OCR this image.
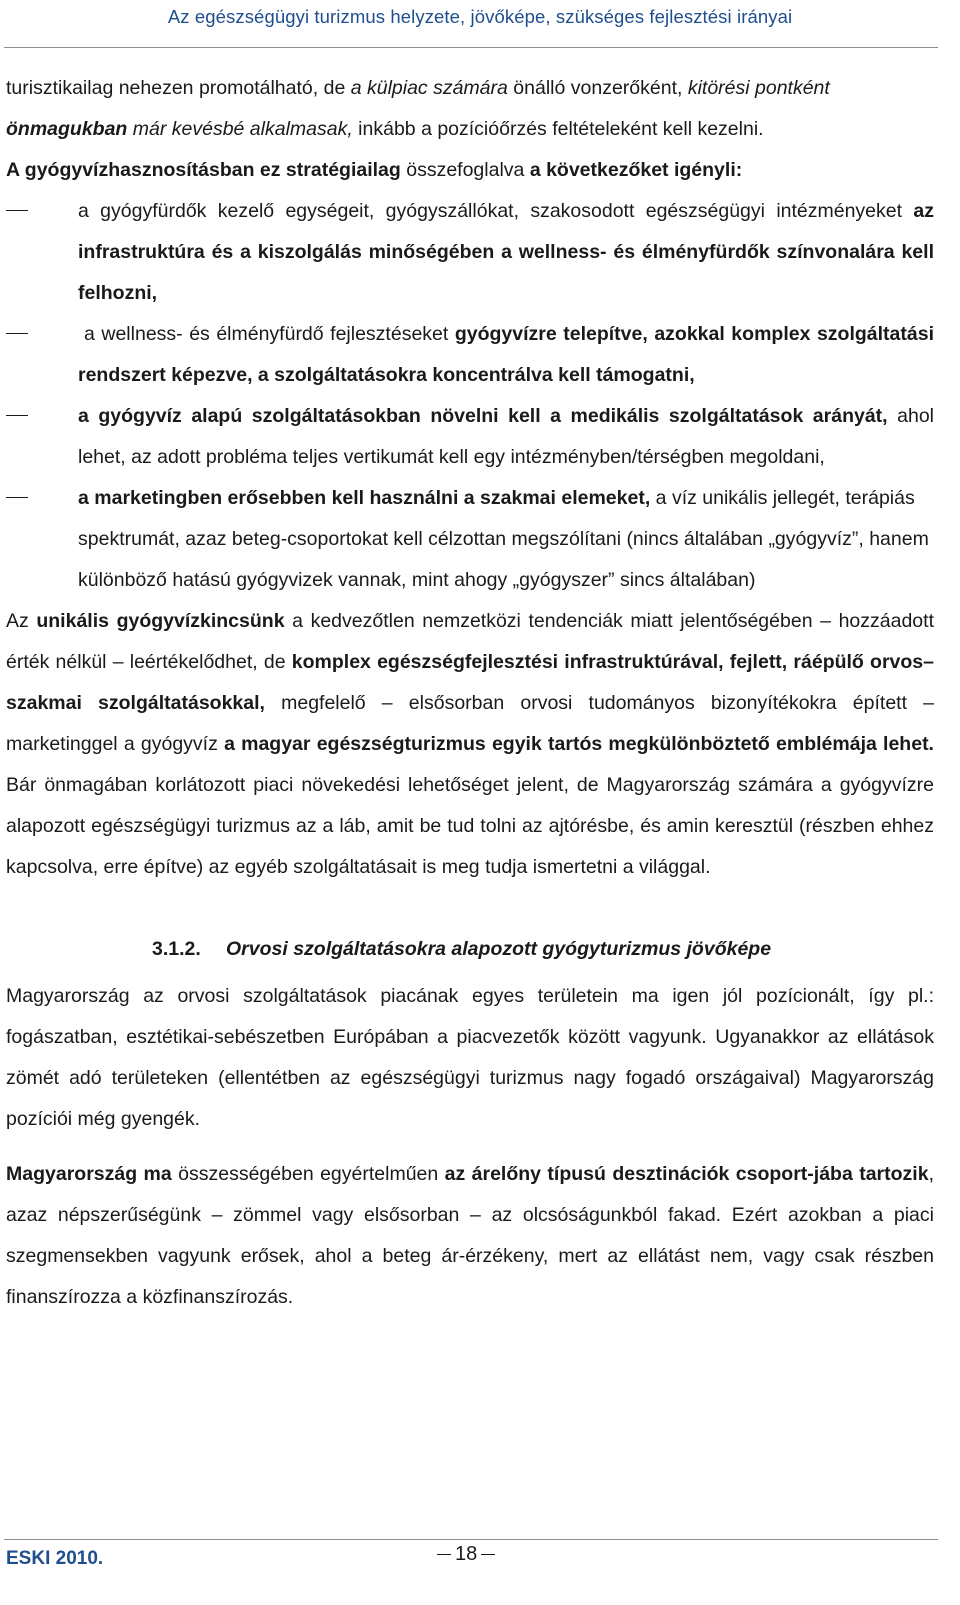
Az egészségügyi turizmus helyzete, jövőképe, szükséges fejlesztési irányai

turisztikailag nehezen promotálható, de a külpiac számára önálló vonzerőként, kitörési pontként
önmagukban már kevésbé alkalmasak, inkább a pozícióőrzés feltételeként kell kezelni.

A gyógyvízhasznosításban ez stratégiailag összefoglalva a következőket igényli:

a gyógyfürdők kezelő egységeit, gyógyszállókat, szakosodott egészségügyi intézményeket az infrastruktúra és a kiszolgálás minőségében a wellness- és élményfürdők színvonalára kell felhozni,
a wellness- és élményfürdő fejlesztéseket gyógyvízre telepítve, azokkal komplex szolgáltatási rendszert képezve, a szolgáltatásokra koncentrálva kell támogatni,
a gyógyvíz alapú szolgáltatásokban növelni kell a medikális szolgáltatások arányát, ahol lehet, az adott probléma teljes vertikumát kell egy intézményben/térségben megoldani,
a marketingben erősebben kell használni a szakmai elemeket, a víz unikális jellegét, terápiás spektrumát, azaz beteg-csoportokat kell célzottan megszólítani (nincs általában „gyógyvíz”, hanem különböző hatású gyógyvizek vannak, mint ahogy „gyógyszer” sincs általában)

Az unikális gyógyvízkincsünk a kedvezőtlen nemzetközi tendenciák miatt jelentőségében – hozzáadott érték nélkül – leértékelődhet, de komplex egészségfejlesztési infrastruktúrával, fejlett, ráépülő orvos–szakmai szolgáltatásokkal, megfelelő – elsősorban orvosi tudományos bizonyítékokra épített – marketinggel a gyógyvíz a magyar egészségturizmus egyik tartós megkülönböztető emblémája lehet. Bár önmagában korlátozott piaci növekedési lehetőséget jelent, de Magyarország számára a gyógyvízre alapozott egészségügyi turizmus az a láb, amit be tud tolni az ajtórésbe, és amin keresztül (részben ehhez kapcsolva, erre építve) az egyéb szolgáltatásait is meg tudja ismertetni a világgal.

3.1.2. Orvosi szolgáltatásokra alapozott gyógyturizmus jövőképe

Magyarország az orvosi szolgáltatások piacának egyes területein ma igen jól pozícionált, így pl.: fogászatban, esztétikai-sebészetben Európában a piacvezetők között vagyunk. Ugyanakkor az ellátások zömét adó területeken (ellentétben az egészségügyi turizmus nagy fogadó országaival) Magyarország pozíciói még gyengék.

Magyarország ma összességében egyértelműen az árelőny típusú desztinációk csoport-jába tartozik, azaz népszerűségünk – zömmel vagy elsősorban – az olcsóságunkból fakad. Ezért azokban a piaci szegmensekben vagyunk erősek, ahol a beteg ár-érzékeny, mert az ellátást nem, vagy csak részben finanszírozza a közfinanszírozás.

ESKI 2010.	18
